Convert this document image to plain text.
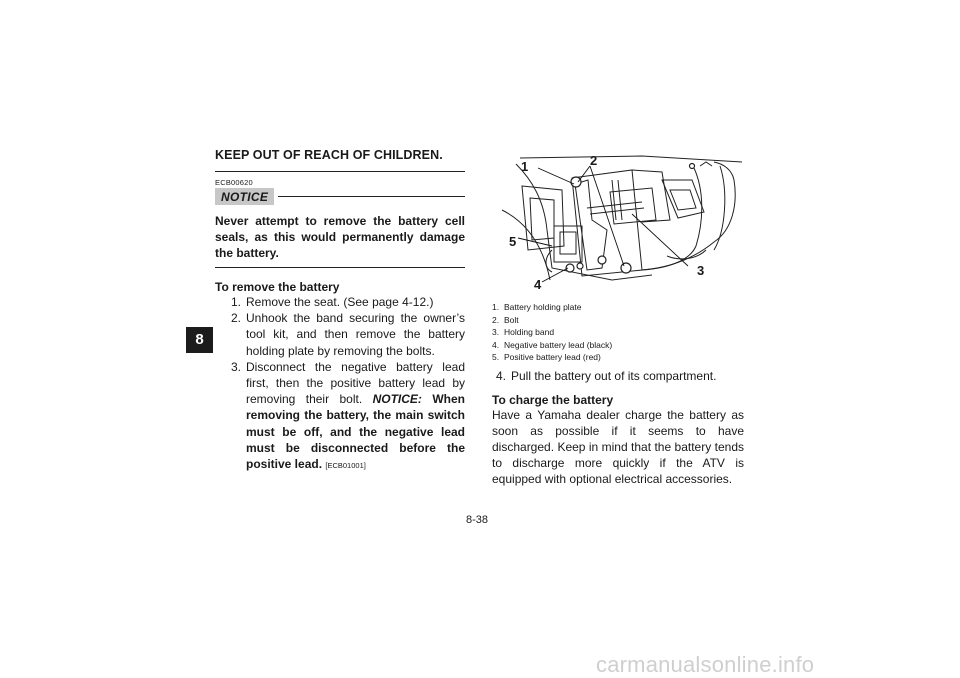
8
KEEP OUT OF REACH OF CHILDREN.
ECB00620
NOTICE
Never attempt to remove the battery cell seals, as this would permanently damage the battery.
To remove the battery
1. Remove the seat. (See page 4-12.)
2. Unhook the band securing the owner’s tool kit, and then remove the battery holding plate by removing the bolts.
3. Disconnect the negative battery lead first, then the positive battery lead by removing their bolt. NOTICE: When removing the battery, the main switch must be off, and the negative lead must be disconnected before the positive lead. [ECB01001]
1	2
3
4
5
1. Battery holding plate
2. Bolt
3. Holding band
4. Negative battery lead (black)
5. Positive battery lead (red)
4. Pull the battery out of its compartment.
To charge the battery
Have a Yamaha dealer charge the battery as soon as possible if it seems to have discharged. Keep in mind that the battery tends to discharge more quickly if the ATV is equipped with optional electrical accessories.
8-38
carmanualsonline.info
